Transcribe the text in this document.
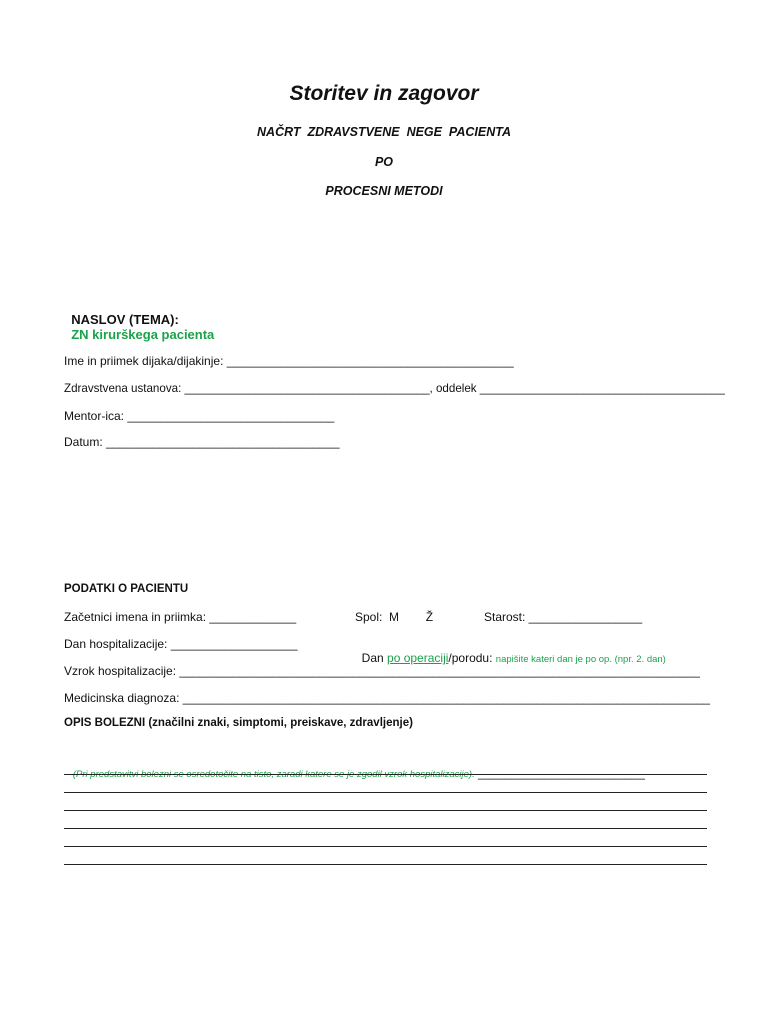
Storitev in zagovor
NAČRT  ZDRAVSTVENE  NEGE  PACIENTA
PO
PROCESNI METODI

NASLOV (TEMA):
ZN kirurškega pacienta

Ime in priimek dijaka/dijakinje: ___________________________________________
Zdravstvena ustanova: ______________________________________, oddelek ______________________________________
Mentor-ica: _______________________________
Datum: ___________________________________
PODATKI O PACIENTU
Začetnici imena in priimka: _____________	Spol:  M        Ž	Starost: _________________
Dan hospitalizacije: ___________________

Dan po operaciji/porodu: napišite kateri dan je po op. (npr. 2. dan)

Vzrok hospitalizacije: ______________________________________________________________________________
Medicinska diagnoza: _______________________________________________________________________________
OPIS BOLEZNI (značilni znaki, simptomi, preiskave, zdravljenje)

(Pri predstavitvi bolezni se osredotočite na tisto, zaradi katere se je zgodil vzrok hospitalizacije). _________________________
